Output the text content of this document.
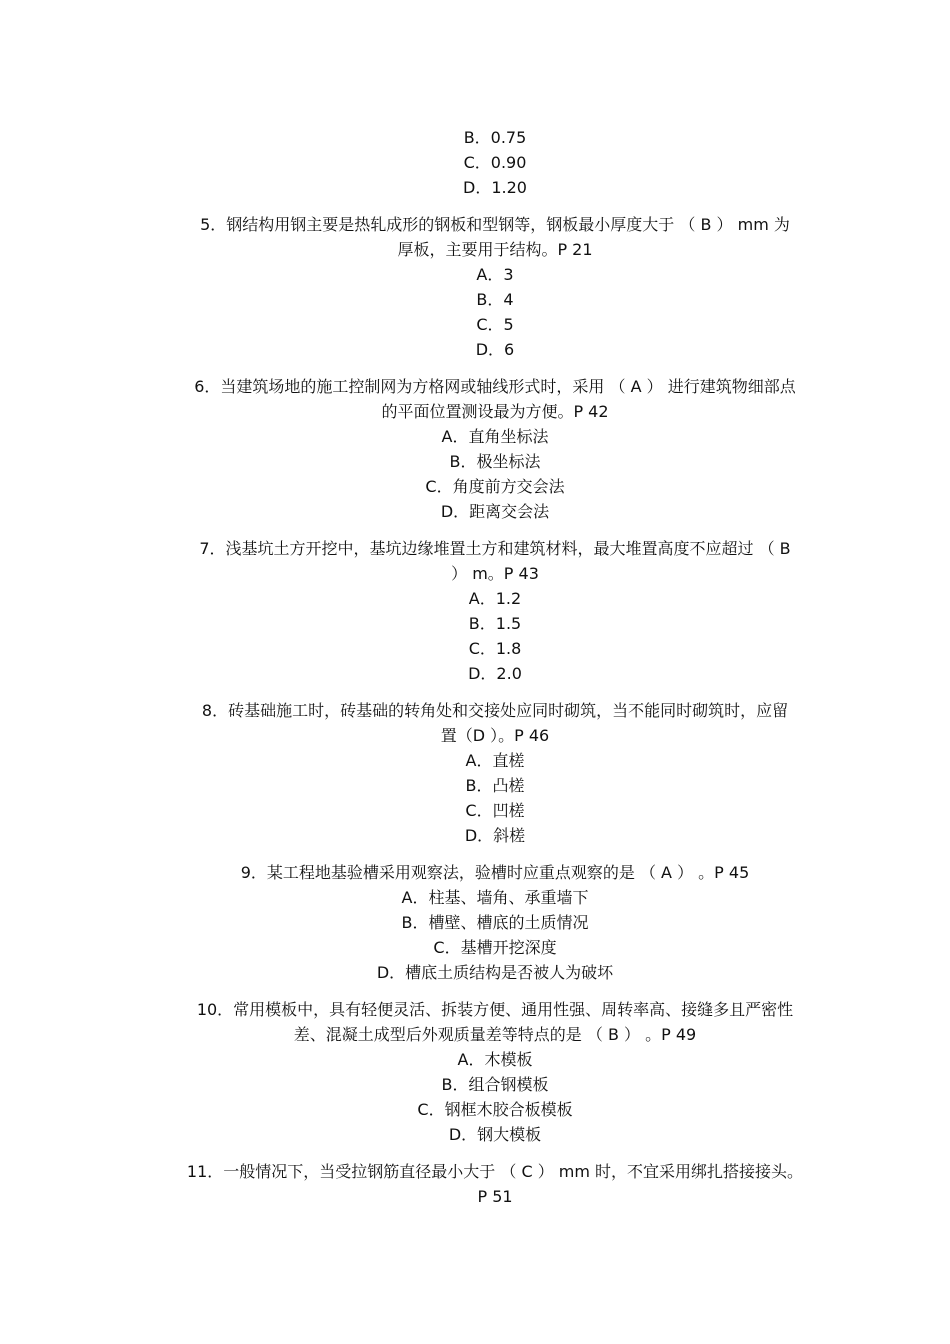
B．0.75
C．0.90
D．1.20
5．钢结构用钢主要是热轧成形的钢板和型钢等，钢板最小厚度大于 （ B ） mm 为
厚板，主要用于结构。P 21
A．3
B．4
C．5
D．6
6．当建筑场地的施工控制网为方格网或轴线形式时，采用 （ A ） 进行建筑物细部点
的平面位置测设最为方便。P 42
A．直角坐标法
B．极坐标法
C．角度前方交会法
D．距离交会法
7．浅基坑土方开挖中，基坑边缘堆置土方和建筑材料，最大堆置高度不应超过 （ B
） m。P 43
A．1.2
B．1.5
C．1.8
D．2.0
8．砖基础施工时，砖基础的转角处和交接处应同时砌筑，当不能同时砌筑时，应留
置（D ）。P 46
A．直槎
B．凸槎
C．凹槎
D．斜槎
9．某工程地基验槽采用观察法，验槽时应重点观察的是 （ A ） 。P 45
A．柱基、墙角、承重墙下
B．槽壁、槽底的土质情况
C．基槽开挖深度
D．槽底土质结构是否被人为破坏
10．常用模板中，具有轻便灵活、拆装方便、通用性强、周转率高、接缝多且严密性
差、混凝土成型后外观质量差等特点的是 （ B ） 。P 49
A．木模板
B．组合钢模板
C．钢框木胶合板模板
D．钢大模板
11．一般情况下，当受拉钢筋直径最小大于 （ C ） mm 时，不宜采用绑扎搭接接头。
P 51
